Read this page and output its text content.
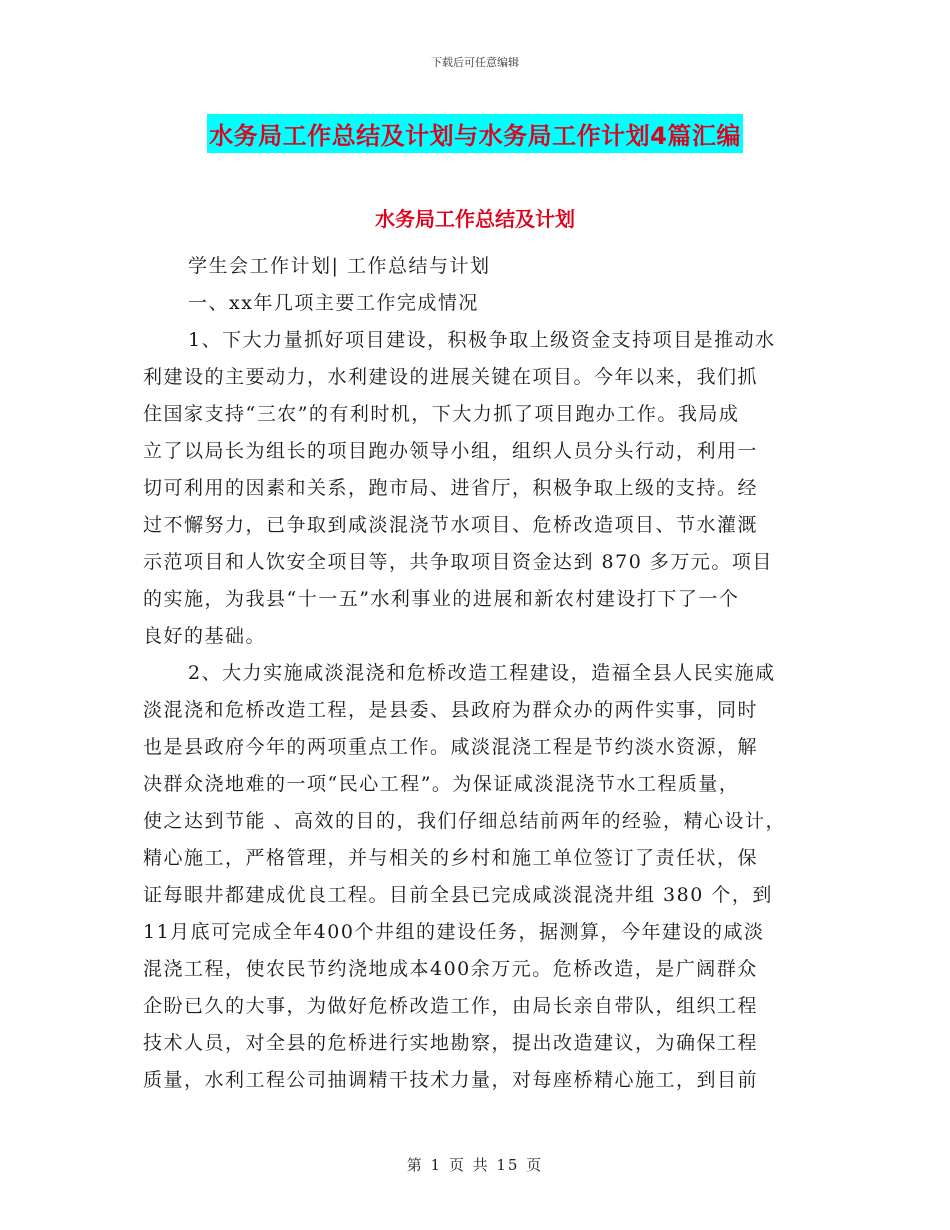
下载后可任意编辑
水务局工作总结及计划与水务局工作计划4篇汇编
水务局工作总结及计划
学生会工作计划| 工作总结与计划
一、xx年几项主要工作完成情况
1、下大力量抓好项目建设，积极争取上级资金支持项目是推动水
利建设的主要动力，水利建设的进展关键在项目。今年以来，我们抓
住国家支持“三农”的有利时机，下大力抓了项目跑办工作。我局成
立了以局长为组长的项目跑办领导小组，组织人员分头行动，利用一
切可利用的因素和关系，跑市局、进省厅，积极争取上级的支持。经
过不懈努力，已争取到咸淡混浇节水项目、危桥改造项目、节水灌溉
示范项目和人饮安全项目等，共争取项目资金达到 870 多万元。项目
的实施，为我县“十一五”水利事业的进展和新农村建设打下了一个
良好的基础。
2、大力实施咸淡混浇和危桥改造工程建设，造福全县人民实施咸
淡混浇和危桥改造工程，是县委、县政府为群众办的两件实事，同时
也是县政府今年的两项重点工作。咸淡混浇工程是节约淡水资源，解
决群众浇地难的一项“民心工程”。为保证咸淡混浇节水工程质量，
使之达到节能 、高效的目的，我们仔细总结前两年的经验，精心设计，
精心施工，严格管理，并与相关的乡村和施工单位签订了责任状，保
证每眼井都建成优良工程。目前全县已完成咸淡混浇井组 380 个，到
11月底可完成全年400个井组的建设任务，据测算，今年建设的咸淡
混浇工程，使农民节约浇地成本400余万元。危桥改造，是广阔群众
企盼已久的大事，为做好危桥改造工作，由局长亲自带队，组织工程
技术人员，对全县的危桥进行实地勘察，提出改造建议，为确保工程
质量，水利工程公司抽调精干技术力量，对每座桥精心施工，到目前
第 1 页 共 15 页
